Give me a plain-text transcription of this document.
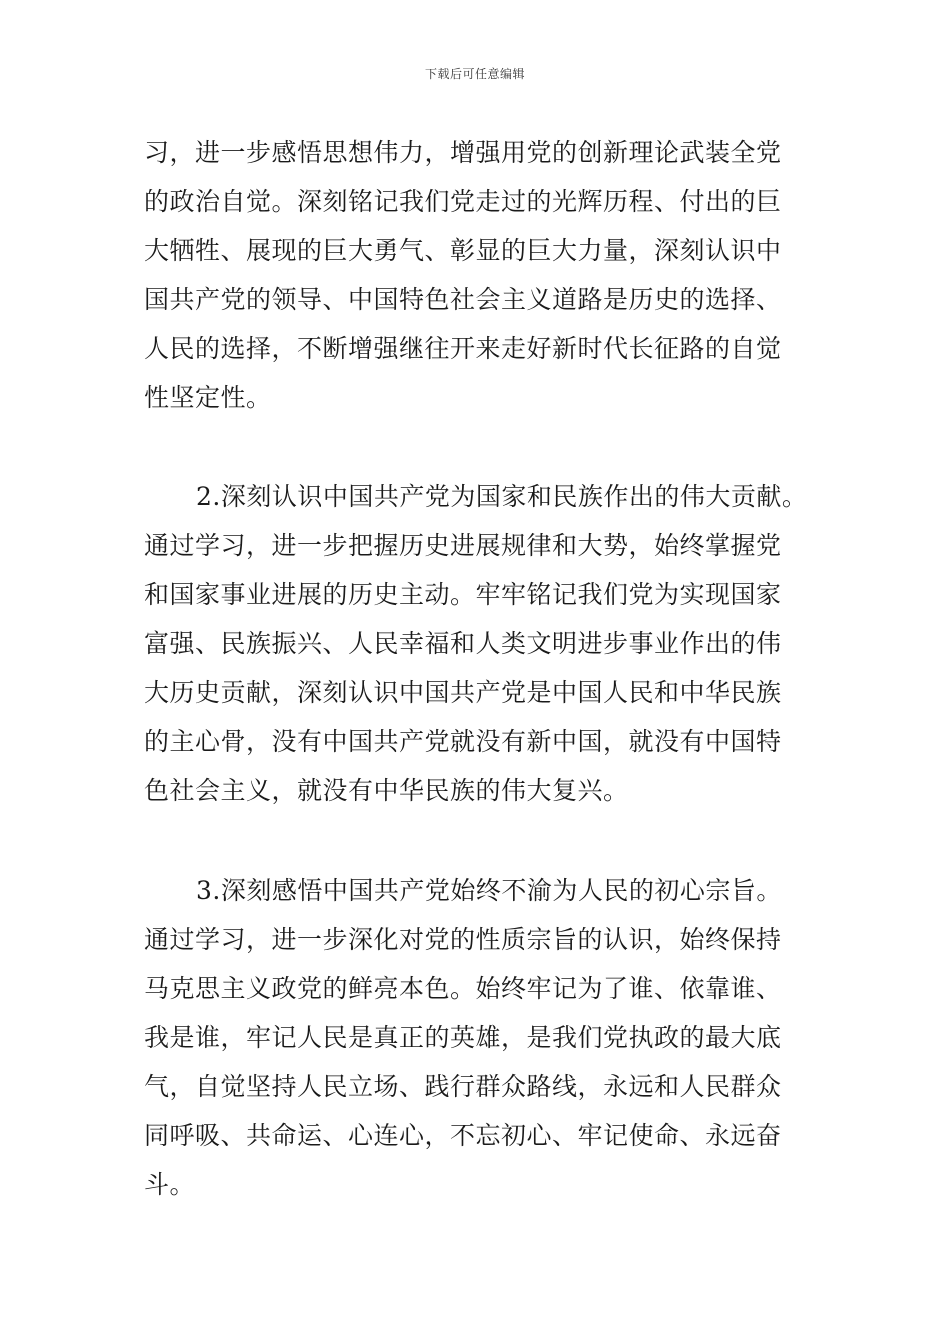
下载后可任意编辑
习，进一步感悟思想伟力，增强用党的创新理论武装全党
的政治自觉。深刻铭记我们党走过的光辉历程、付出的巨
大牺牲、展现的巨大勇气、彰显的巨大力量，深刻认识中
国共产党的领导、中国特色社会主义道路是历史的选择、
人民的选择，不断增强继往开来走好新时代长征路的自觉
性坚定性。
2.深刻认识中国共产党为国家和民族作出的伟大贡献。
通过学习，进一步把握历史进展规律和大势，始终掌握党
和国家事业进展的历史主动。牢牢铭记我们党为实现国家
富强、民族振兴、人民幸福和人类文明进步事业作出的伟
大历史贡献，深刻认识中国共产党是中国人民和中华民族
的主心骨，没有中国共产党就没有新中国，就没有中国特
色社会主义，就没有中华民族的伟大复兴。
3.深刻感悟中国共产党始终不渝为人民的初心宗旨。
通过学习，进一步深化对党的性质宗旨的认识，始终保持
马克思主义政党的鲜亮本色。始终牢记为了谁、依靠谁、
我是谁，牢记人民是真正的英雄，是我们党执政的最大底
气，自觉坚持人民立场、践行群众路线，永远和人民群众
同呼吸、共命运、心连心，不忘初心、牢记使命、永远奋
斗。
